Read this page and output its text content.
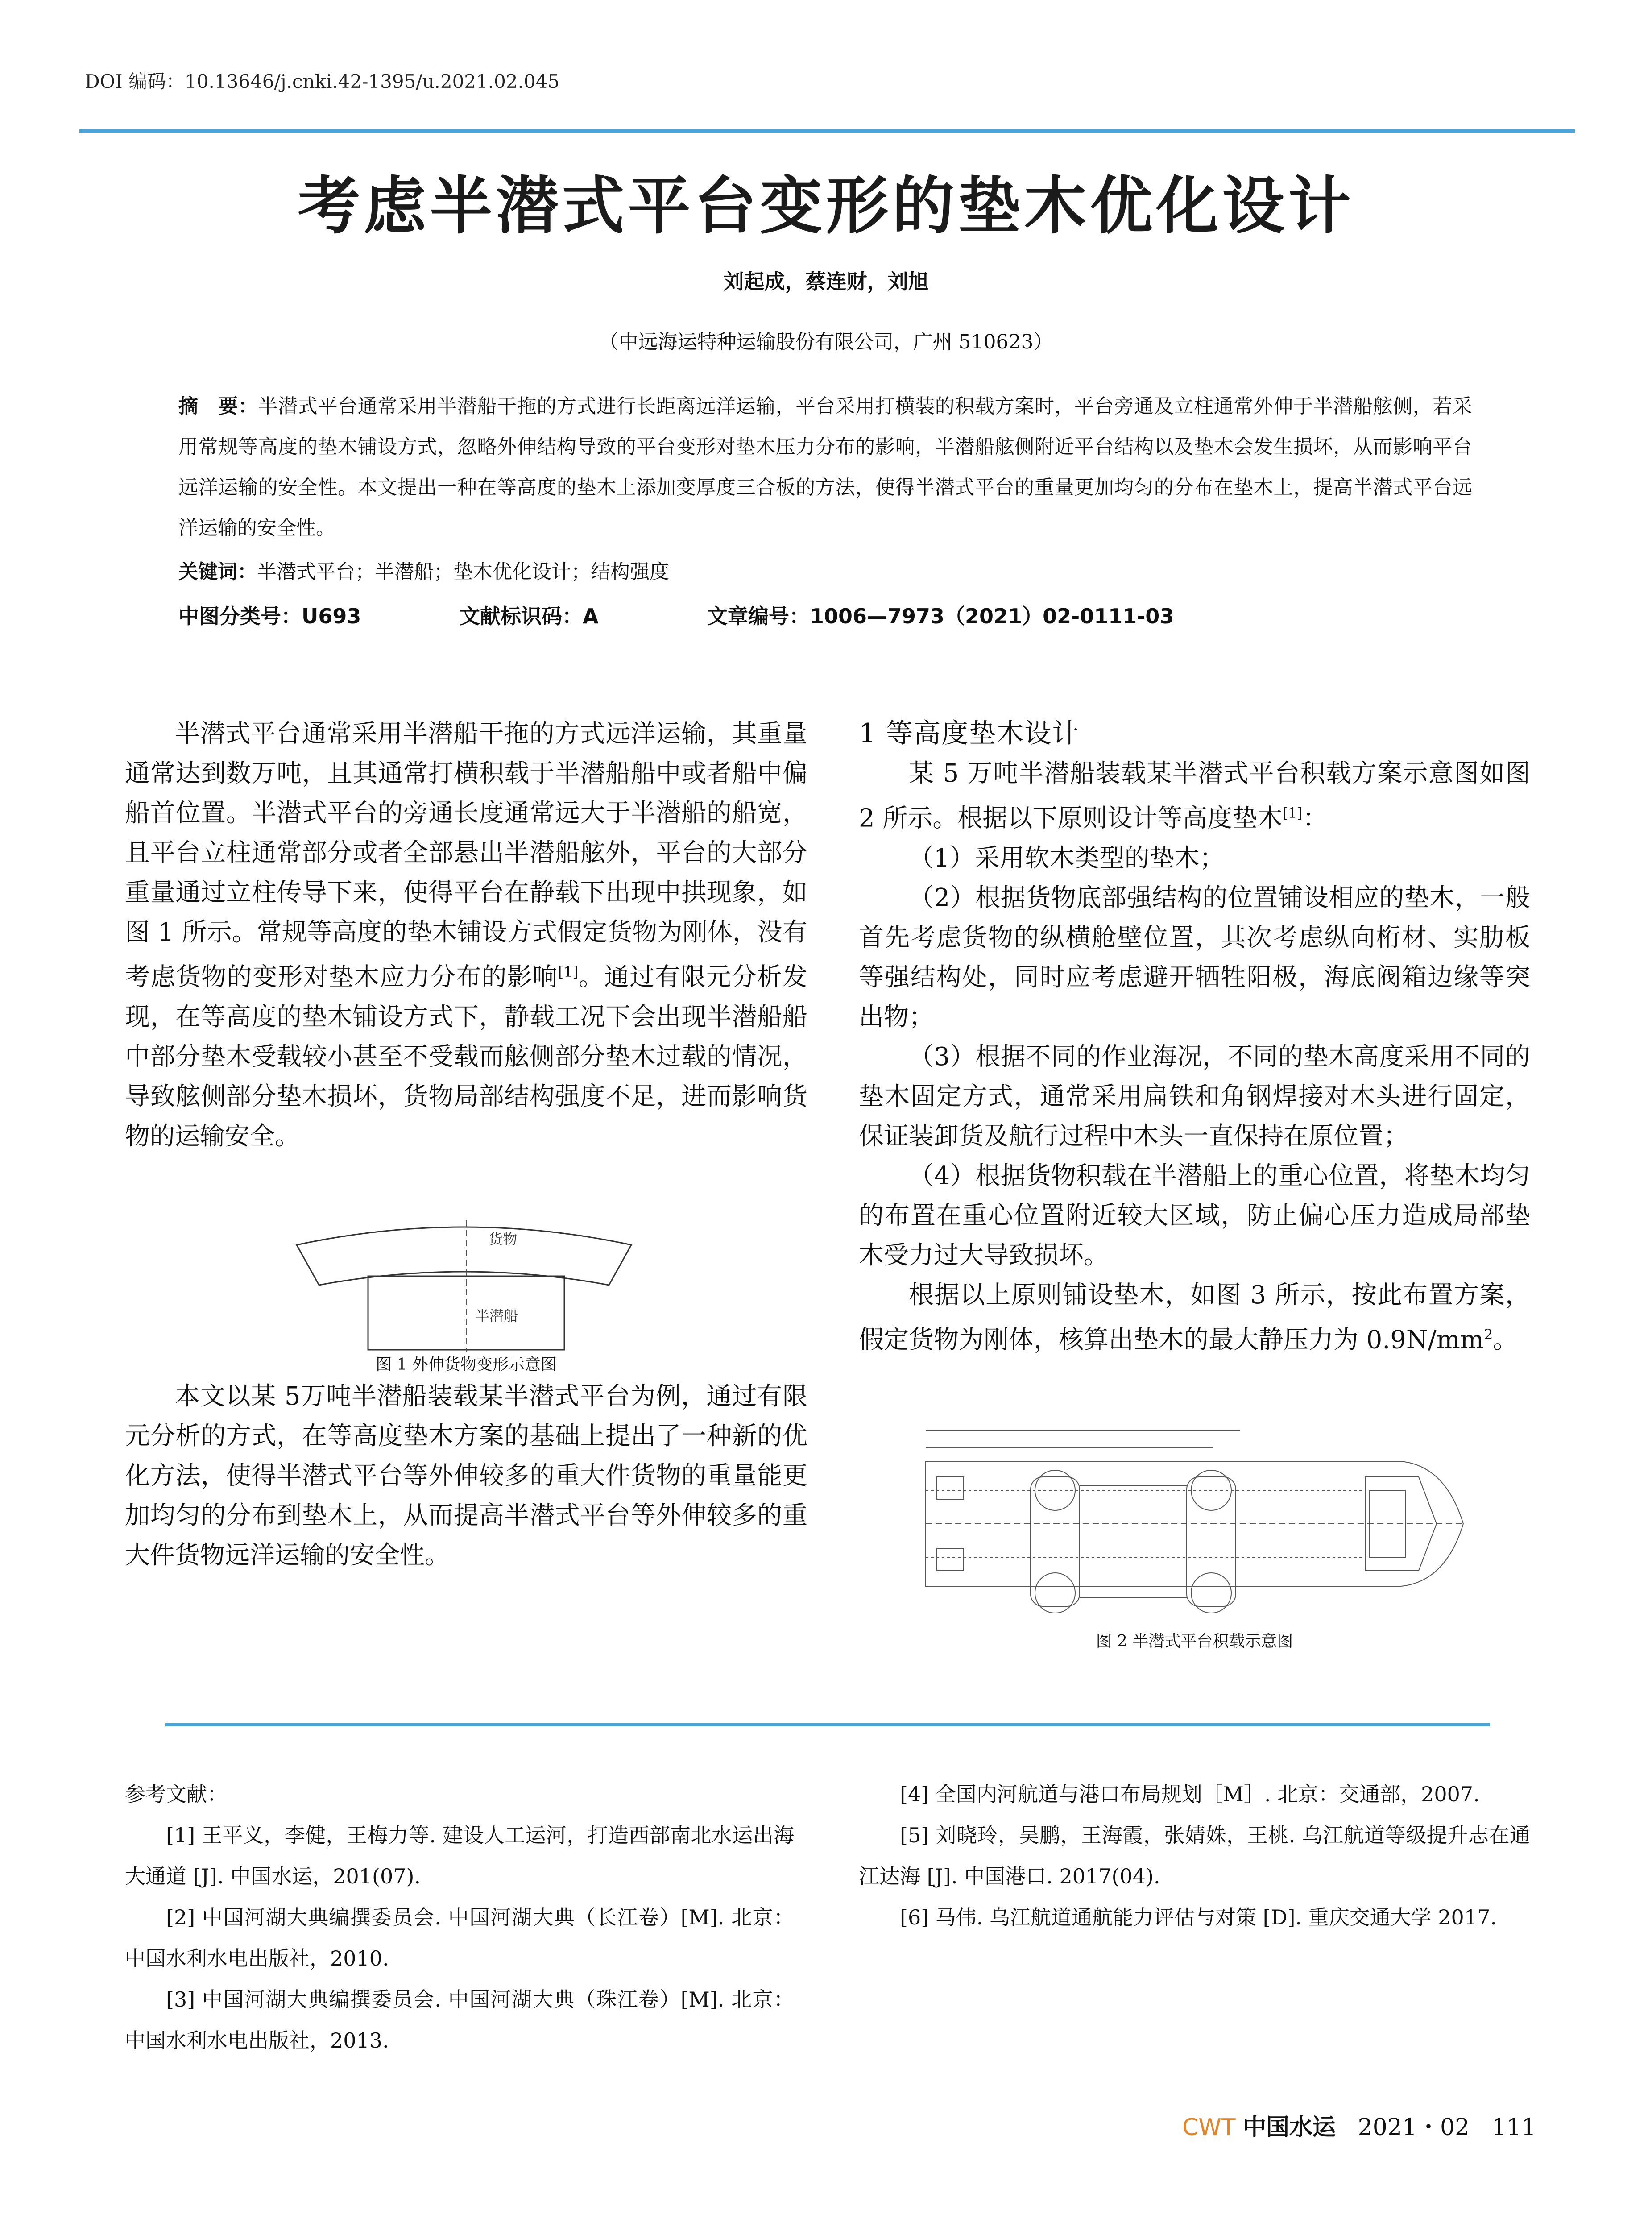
DOI 编码：10.13646/j.cnki.42-1395/u.2021.02.045
考虑半潜式平台变形的垫木优化设计
刘起成，蔡连财，刘旭
（中远海运特种运输股份有限公司，广州 510623）
摘　要：半潜式平台通常采用半潜船干拖的方式进行长距离远洋运输，平台采用打横装的积载方案时，平台旁通及立柱通常外伸于半潜船舷侧，若采用常规等高度的垫木铺设方式，忽略外伸结构导致的平台变形对垫木压力分布的影响，半潜船舷侧附近平台结构以及垫木会发生损坏，从而影响平台远洋运输的安全性。本文提出一种在等高度的垫木上添加变厚度三合板的方法，使得半潜式平台的重量更加均匀的分布在垫木上，提高半潜式平台远洋运输的安全性。
关键词：半潜式平台；半潜船；垫木优化设计；结构强度
中图分类号：U693	文献标识码：A	文章编号：1006—7973（2021）02-0111-03

半潜式平台通常采用半潜船干拖的方式远洋运输，其重量通常达到数万吨，且其通常打横积载于半潜船船中或者船中偏船首位置。半潜式平台的旁通长度通常远大于半潜船的船宽，且平台立柱通常部分或者全部悬出半潜船舷外，平台的大部分重量通过立柱传导下来，使得平台在静载下出现中拱现象，如图 1 所示。常规等高度的垫木铺设方式假定货物为刚体，没有考虑货物的变形对垫木应力分布的影响[1]。通过有限元分析发现，在等高度的垫木铺设方式下，静载工况下会出现半潜船船中部分垫木受载较小甚至不受载而舷侧部分垫木过载的情况，导致舷侧部分垫木损坏，货物局部结构强度不足，进而影响货物的运输安全。

货物
半潜船
图 1 外伸货物变形示意图

本文以某 5万吨半潜船装载某半潜式平台为例，通过有限元分析的方式，在等高度垫木方案的基础上提出了一种新的优化方法，使得半潜式平台等外伸较多的重大件货物的重量能更加均匀的分布到垫木上，从而提高半潜式平台等外伸较多的重大件货物远洋运输的安全性。

1 等高度垫木设计

某 5 万吨半潜船装载某半潜式平台积载方案示意图如图 2 所示。根据以下原则设计等高度垫木[1]：

（1）采用软木类型的垫木；

（2）根据货物底部强结构的位置铺设相应的垫木，一般首先考虑货物的纵横舱壁位置，其次考虑纵向桁材、实肋板等强结构处，同时应考虑避开牺牲阳极，海底阀箱边缘等突出物；

（3）根据不同的作业海况，不同的垫木高度采用不同的垫木固定方式，通常采用扁铁和角钢焊接对木头进行固定，保证装卸货及航行过程中木头一直保持在原位置；

（4）根据货物积载在半潜船上的重心位置，将垫木均匀的布置在重心位置附近较大区域，防止偏心压力造成局部垫木受力过大导致损坏。

根据以上原则铺设垫木，如图 3 所示，按此布置方案，假定货物为刚体，核算出垫木的最大静压力为 $0.9N/mm^2$。

图 2 半潜式平台积载示意图

参考文献：

[1] 王平义，李健，王梅力等. 建设人工运河，打造西部南北水运出海大通道 [J]. 中国水运，201(07).

[2] 中国河湖大典编撰委员会. 中国河湖大典（长江卷）[M]. 北京：中国水利水电出版社，2010.

[3] 中国河湖大典编撰委员会. 中国河湖大典（珠江卷）[M]. 北京：中国水利水电出版社，2013.

[4] 全国内河航道与港口布局规划［M］. 北京：交通部，2007.

[5] 刘晓玲，吴鹏，王海霞，张婧姝，王桃. 乌江航道等级提升志在通江达海 [J]. 中国港口. 2017(04).

[6] 马伟. 乌江航道通航能力评估与对策 [D]. 重庆交通大学 2017.

CWT 中国水运 2021・02 111
